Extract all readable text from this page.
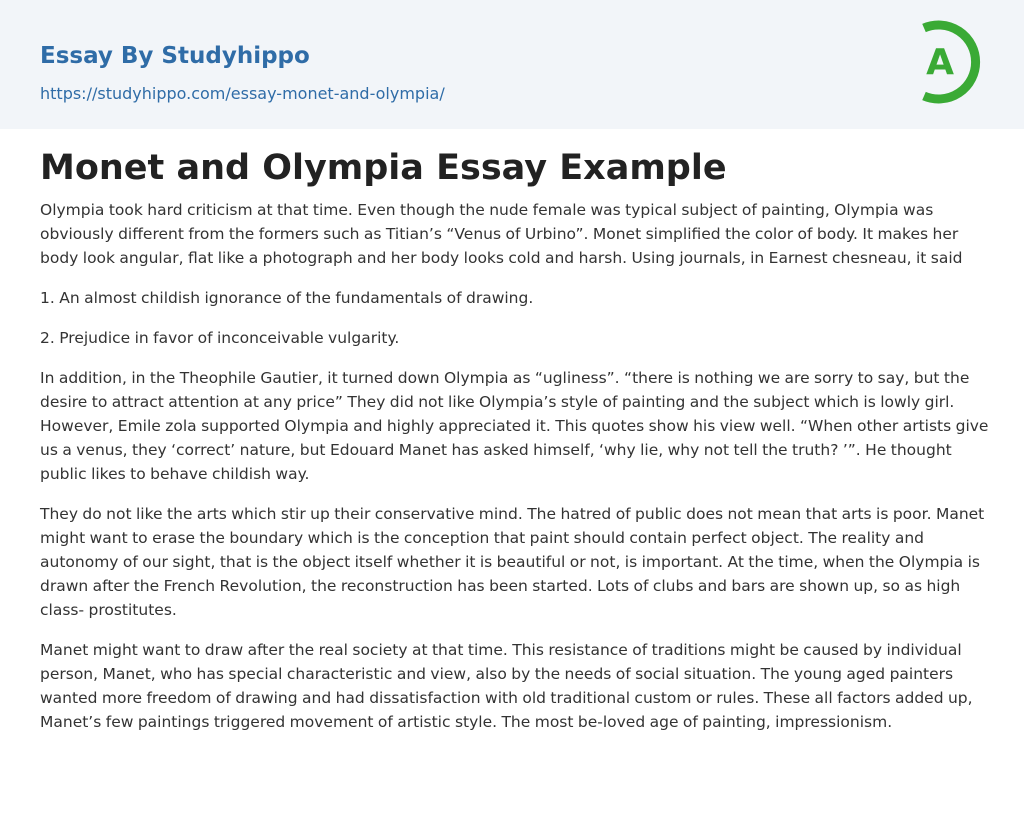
Essay By Studyhippo
https://studyhippo.com/essay-monet-and-olympia/
A
Monet and Olympia Essay Example

Olympia took hard criticism at that time. Even though the nude female was typical subject of painting, Olympia was obviously different from the formers such as Titian’s “Venus of Urbino”. Monet simplified the color of body. It makes her body look angular, flat like a photograph and her body looks cold and harsh. Using journals, in Earnest chesneau, it said

1. An almost childish ignorance of the fundamentals of drawing.

2. Prejudice in favor of inconceivable vulgarity.

In addition, in the Theophile Gautier, it turned down Olympia as “ugliness”. “there is nothing we are sorry to say, but the desire to attract attention at any price” They did not like Olympia’s style of painting and the subject which is lowly girl. However, Emile zola supported Olympia and highly appreciated it. This quotes show his view well. “When other artists give us a venus, they ‘correct’ nature, but Edouard Manet has asked himself, ‘why lie, why not tell the truth? ’”. He thought public likes to behave childish way.

They do not like the arts which stir up their conservative mind. The hatred of public does not mean that arts is poor. Manet might want to erase the boundary which is the conception that paint should contain perfect object. The reality and autonomy of our sight, that is the object itself whether it is beautiful or not, is important. At the time, when the Olympia is drawn after the French Revolution, the reconstruction has been started. Lots of clubs and bars are shown up, so as high class- prostitutes.

Manet might want to draw after the real society at that time. This resistance of traditions might be caused by individual person, Manet, who has special characteristic and view, also by the needs of social situation. The young aged painters wanted more freedom of drawing and had dissatisfaction with old traditional custom or rules. These all factors added up, Manet’s few paintings triggered movement of artistic style. The most be-loved age of painting, impressionism.
